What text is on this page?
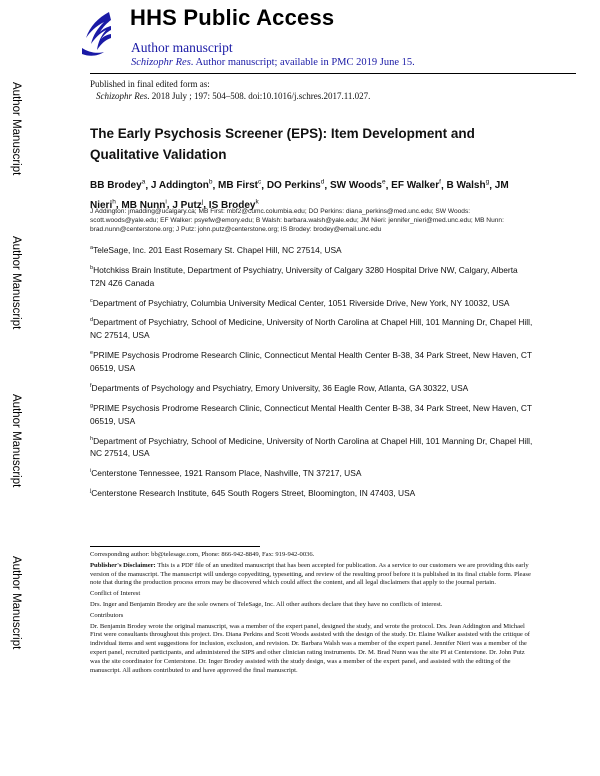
HHS Public Access
Author manuscript
Schizophr Res. Author manuscript; available in PMC 2019 June 15.
Author Manuscript
Author Manuscript
Author Manuscript
Author Manuscript
Published in final edited form as:
Schizophr Res. 2018 July ; 197: 504–508. doi:10.1016/j.schres.2017.11.027.
The Early Psychosis Screener (EPS): Item Development and Qualitative Validation
BB Brodey$^a$, J Addington$^b$, MB First$^c$, DO Perkins$^d$, SW Woods$^e$, EF Walker$^f$, B Walsh$^g$, JM Nieri$^h$, MB Nunn$^i$, J Putz$^j$, IS Brodey$^k$
J Addington: jmadding@ucalgary.ca; MB First: mbf2@cumc.columbia.edu; DO Perkins: diana_perkins@med.unc.edu; SW Woods: scott.woods@yale.edu; EF Walker: psyefw@emory.edu; B Walsh: barbara.walsh@yale.edu; JM Nieri: jennifer_nieri@med.unc.edu; MB Nunn: brad.nunn@centerstone.org; J Putz: john.putz@centerstone.org; IS Brodey: brodey@email.unc.edu
$^a$TeleSage, Inc. 201 East Rosemary St. Chapel Hill, NC 27514, USA
$^b$Hotchkiss Brain Institute, Department of Psychiatry, University of Calgary 3280 Hospital Drive NW, Calgary, Alberta T2N 4Z6 Canada
$^c$Department of Psychiatry, Columbia University Medical Center, 1051 Riverside Drive, New York, NY 10032, USA
$^d$Department of Psychiatry, School of Medicine, University of North Carolina at Chapel Hill, 101 Manning Dr, Chapel Hill, NC 27514, USA
$^e$PRIME Psychosis Prodrome Research Clinic, Connecticut Mental Health Center B-38, 34 Park Street, New Haven, CT 06519, USA
$^f$Departments of Psychology and Psychiatry, Emory University, 36 Eagle Row, Atlanta, GA 30322, USA
$^g$PRIME Psychosis Prodrome Research Clinic, Connecticut Mental Health Center B-38, 34 Park Street, New Haven, CT 06519, USA
$^h$Department of Psychiatry, School of Medicine, University of North Carolina at Chapel Hill, 101 Manning Dr, Chapel Hill, NC 27514, USA
$^i$Centerstone Tennessee, 1921 Ransom Place, Nashville, TN 37217, USA
$^j$Centerstone Research Institute, 645 South Rogers Street, Bloomington, IN 47403, USA

Corresponding author: bb@telesage.com, Phone: 866-942-8849, Fax: 919-942-0036.

Publisher's Disclaimer: This is a PDF file of an unedited manuscript that has been accepted for publication. As a service to our customers we are providing this early version of the manuscript. The manuscript will undergo copyediting, typesetting, and review of the resulting proof before it is published in its final citable form. Please note that during the production process errors may be discovered which could affect the content, and all legal disclaimers that apply to the journal pertain.

Conflict of Interest

Drs. Inger and Benjamin Brodey are the sole owners of TeleSage, Inc. All other authors declare that they have no conflicts of interest.

Contributors

Dr. Benjamin Brodey wrote the original manuscript, was a member of the expert panel, designed the study, and wrote the protocol. Drs. Jean Addington and Michael First were consultants throughout this project. Drs. Diana Perkins and Scott Woods assisted with the design of the study. Dr. Elaine Walker assisted with the critique of individual items and sent suggestions for inclusion, exclusion, and revision. Dr. Barbara Walsh was a member of the expert panel. Jennifer Nieri was a member of the expert panel, recruited participants, and administered the SIPS and other clinician rating instruments. Dr. M. Brad Nunn was the site PI at Centerstone. Dr. John Putz was the site coordinator for Centerstone. Dr. Inger Brodey assisted with the study design, was a member of the expert panel, and assisted with the editing of the manuscript. All authors contributed to and have approved the final manuscript.
